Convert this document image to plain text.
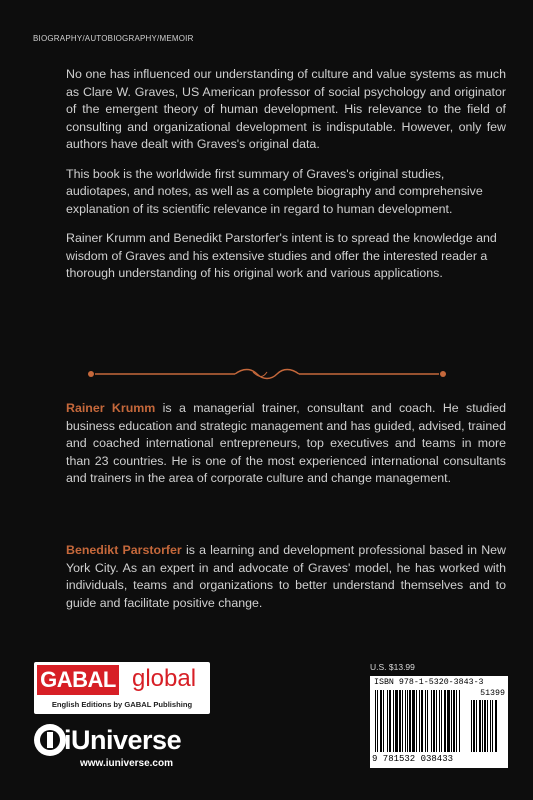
BIOGRAPHY/AUTOBIOGRAPHY/MEMOIR

No one has influenced our understanding of culture and value systems as much as Clare W. Graves, US American professor of social psychology and originator of the emergent theory of human development. His relevance to the field of consulting and organizational development is indisputable. However, only few authors have dealt with Graves's original data.

This book is the worldwide first summary of Graves's original studies, audiotapes, and notes, as well as a complete biography and comprehensive explanation of its scientific relevance in regard to human development.

Rainer Krumm and Benedikt Parstorfer's intent is to spread the knowledge and wisdom of Graves and his extensive studies and offer the interested reader a thorough understanding of his original work and various applications.

Rainer Krumm is a managerial trainer, consultant and coach. He studied business education and strategic management and has guided, advised, trained and coached international entrepreneurs, top executives and teams in more than 23 countries. He is one of the most experienced international consultants and trainers in the area of corporate culture and change management.

Benedikt Parstorfer is a learning and development professional based in New York City. As an expert in and advocate of Graves' model, he has worked with individuals, teams and organizations to better understand themselves and to guide and facilitate positive change.

GABAL global
English Editions by GABAL Publishing
iUniverse
www.iuniverse.com
U.S. $13.99
ISBN 978-1-5320-3843-3
51399
9 781532 038433
